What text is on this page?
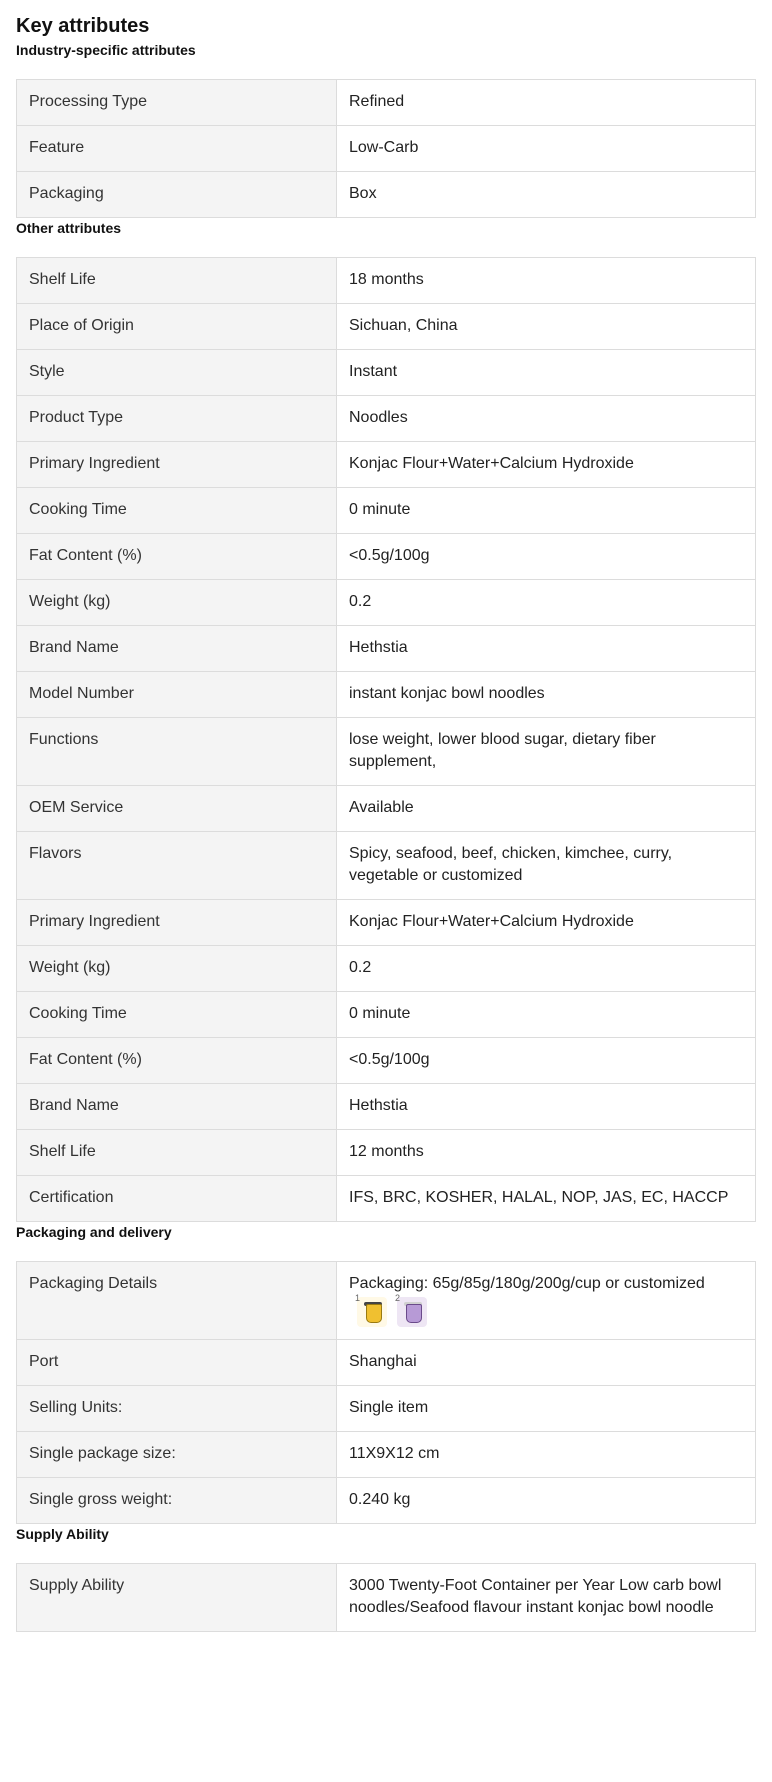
Key attributes
Industry-specific attributes
Processing Type	Refined
Feature	Low-Carb
Packaging	Box
Other attributes
Shelf Life	18 months
Place of Origin	Sichuan, China
Style	Instant
Product Type	Noodles
Primary Ingredient	Konjac Flour+Water+Calcium Hydroxide
Cooking Time	0 minute
Fat Content (%)	<0.5g/100g
Weight (kg)	0.2
Brand Name	Hethstia
Model Number	instant konjac bowl noodles
Functions	lose weight, lower blood sugar, dietary fiber supplement,
OEM Service	Available
Flavors	Spicy, seafood, beef, chicken, kimchee, curry, vegetable or customized
Primary Ingredient	Konjac Flour+Water+Calcium Hydroxide
Weight (kg)	0.2
Cooking Time	0 minute
Fat Content (%)	<0.5g/100g
Brand Name	Hethstia
Shelf Life	12 months
Certification	IFS, BRC, KOSHER, HALAL, NOP, JAS, EC, HACCP
Packaging and delivery
Packaging Details	Packaging: 65g/85g/180g/200g/cup or customized
1 2

Port	Shanghai
Selling Units:	Single item
Single package size:	11X9X12 cm
Single gross weight:	0.240 kg
Supply Ability
Supply Ability	3000 Twenty-Foot Container per Year Low carb bowl noodles/Seafood flavour instant konjac bowl noodle
